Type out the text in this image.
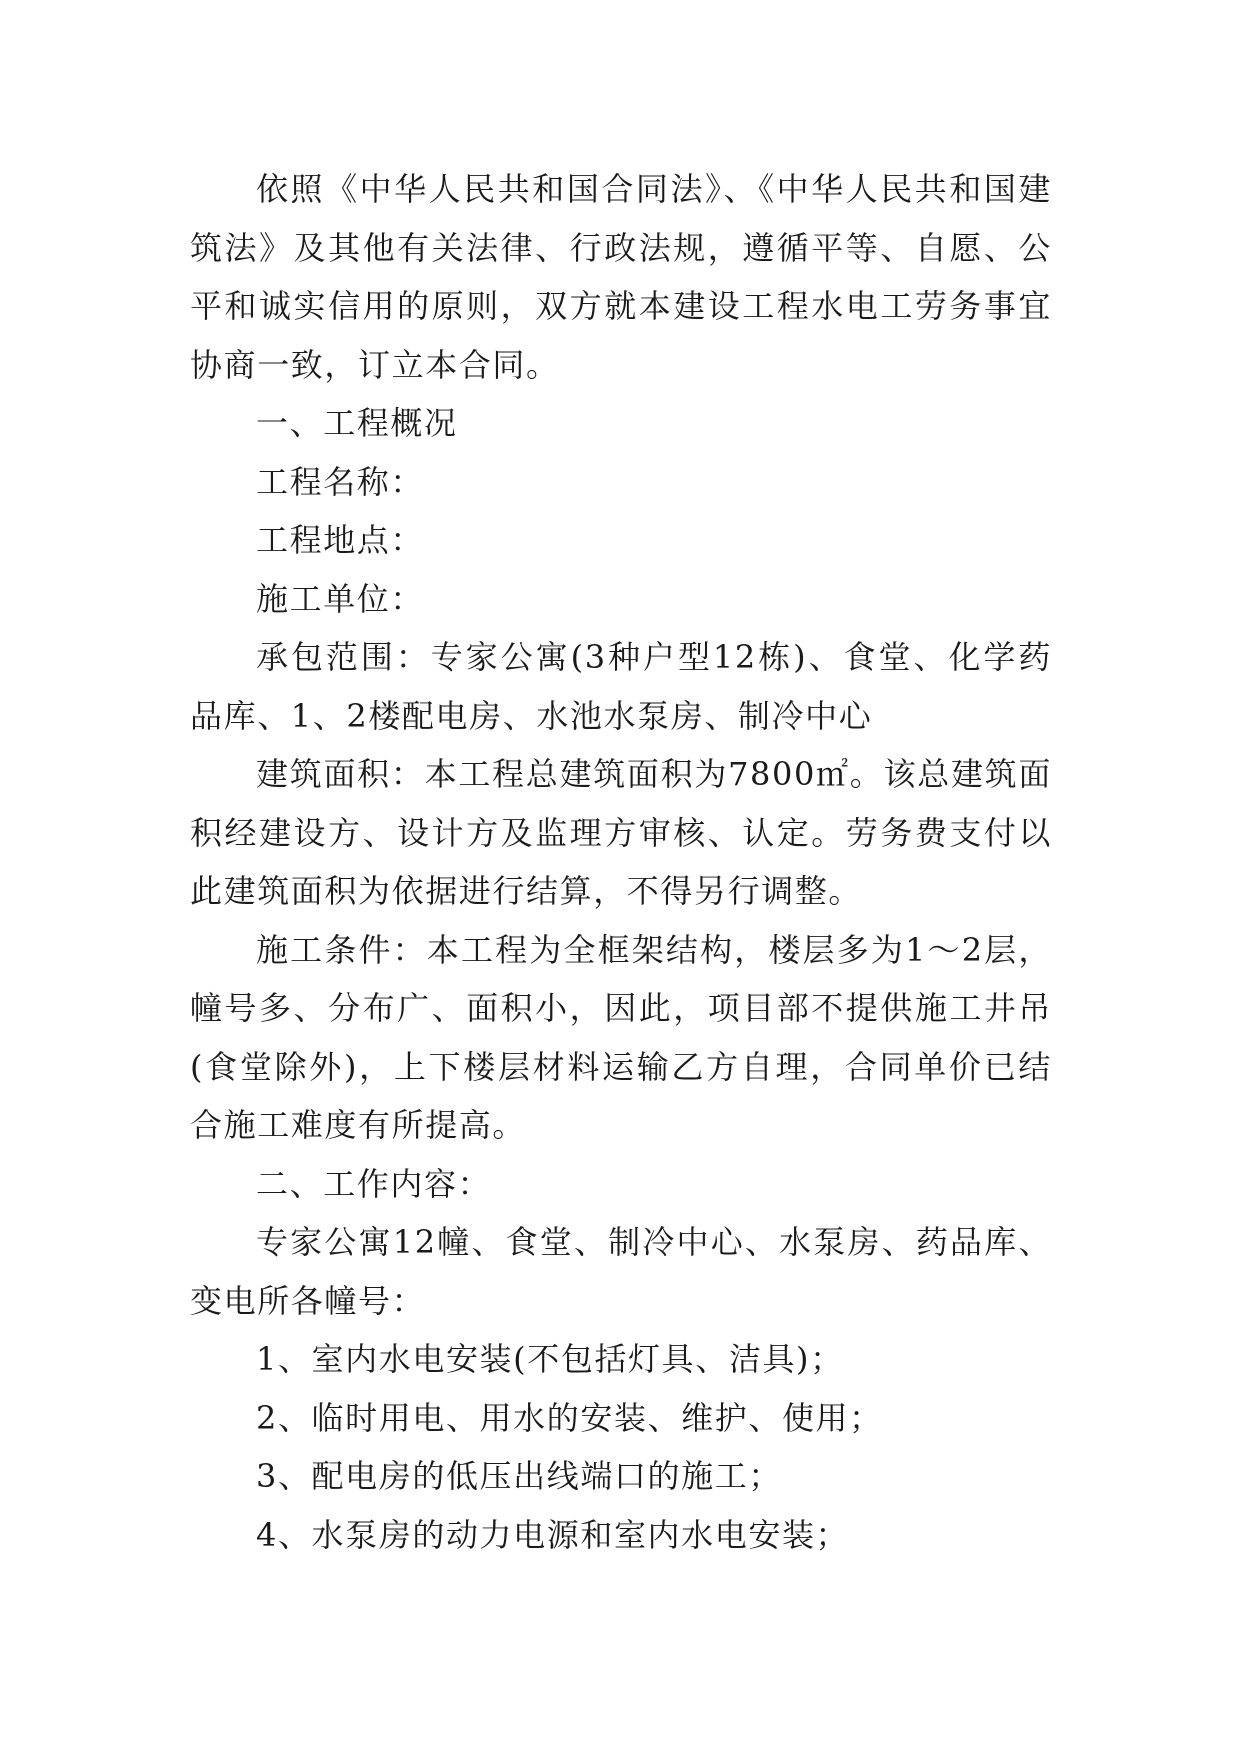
依照《中华人民共和国合同法》、《中华人民共和国建筑法》及其他有关法律、行政法规，遵循平等、自愿、公平和诚实信用的原则，双方就本建设工程水电工劳务事宜协商一致，订立本合同。

一、工程概况

工程名称：

工程地点：

施工单位：

承包范围：专家公寓(3种户型12栋)、食堂、化学药品库、1、2楼配电房、水池水泵房、制冷中心

建筑面积：本工程总建筑面积为7800㎡。该总建筑面积经建设方、设计方及监理方审核、认定。劳务费支付以此建筑面积为依据进行结算，不得另行调整。

施工条件：本工程为全框架结构，楼层多为1～2层，幢号多、分布广、面积小，因此，项目部不提供施工井吊(食堂除外)，上下楼层材料运输乙方自理，合同单价已结合施工难度有所提高。

二、工作内容：

专家公寓12幢、食堂、制冷中心、水泵房、药品库、变电所各幢号：

1、室内水电安装(不包括灯具、洁具)；

2、临时用电、用水的安装、维护、使用；

3、配电房的低压出线端口的施工；

4、水泵房的动力电源和室内水电安装；
